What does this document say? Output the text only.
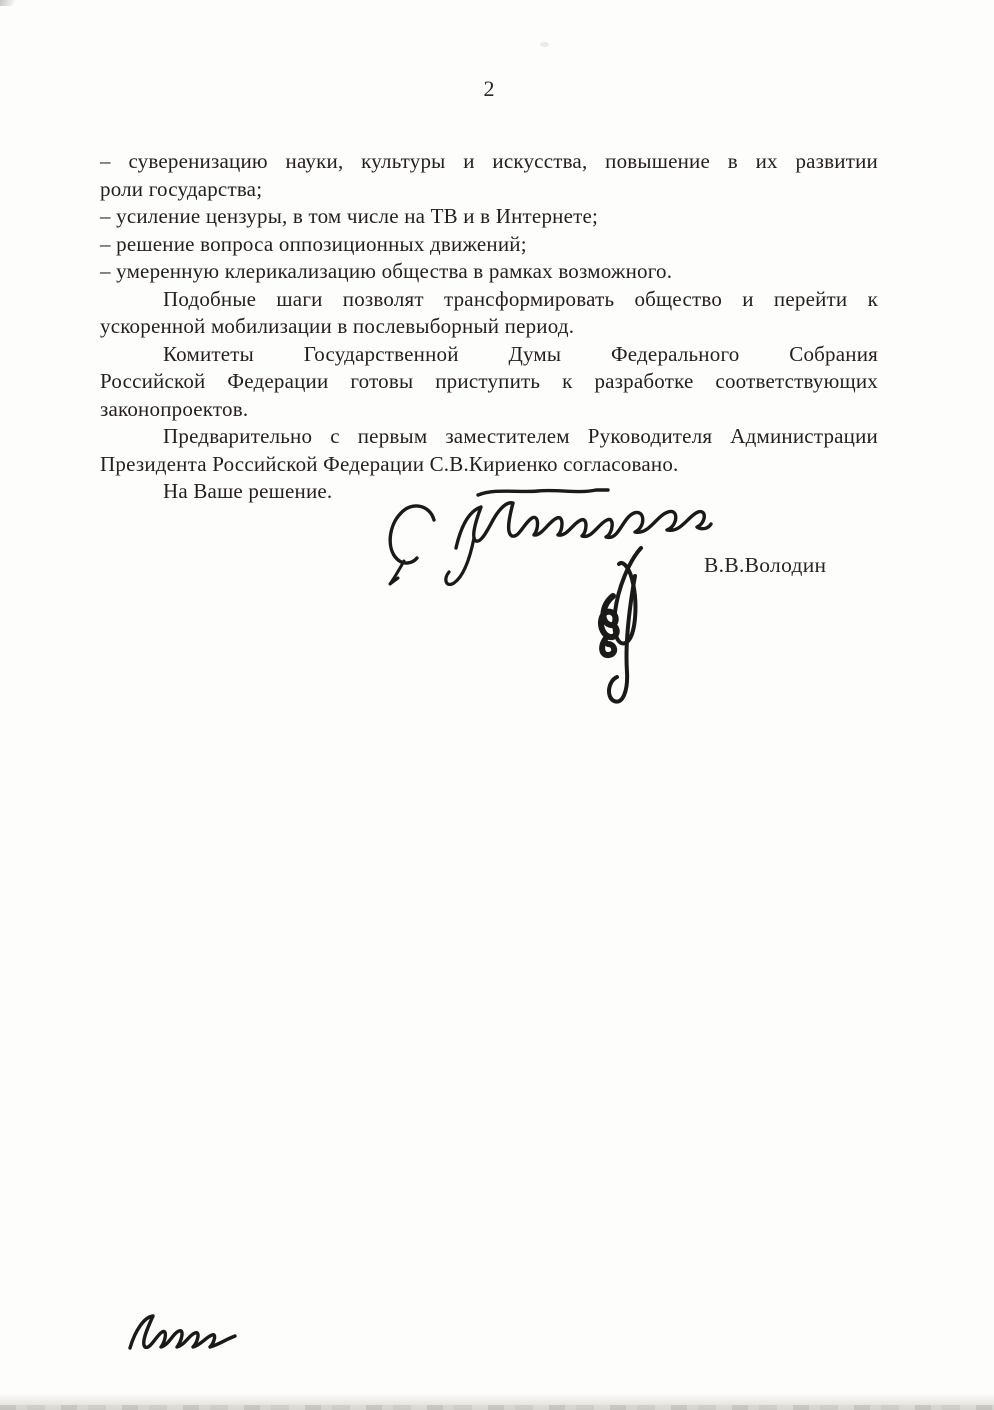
2
– суверенизацию науки, культуры и искусства, повышение в их развитии
роли государства;
– усиление цензуры, в том числе на ТВ и в Интернете;
– решение вопроса оппозиционных движений;
– умеренную клерикализацию общества в рамках возможного.
Подобные шаги позволят трансформировать общество и перейти к
ускоренной мобилизации в послевыборный период.
Комитеты Государственной Думы Федерального Собрания
Российской Федерации готовы приступить к разработке соответствующих
законопроектов.
Предварительно с первым заместителем Руководителя Администрации
Президента Российской Федерации С.В.Кириенко согласовано.
На Ваше решение.
В.В.Володин
